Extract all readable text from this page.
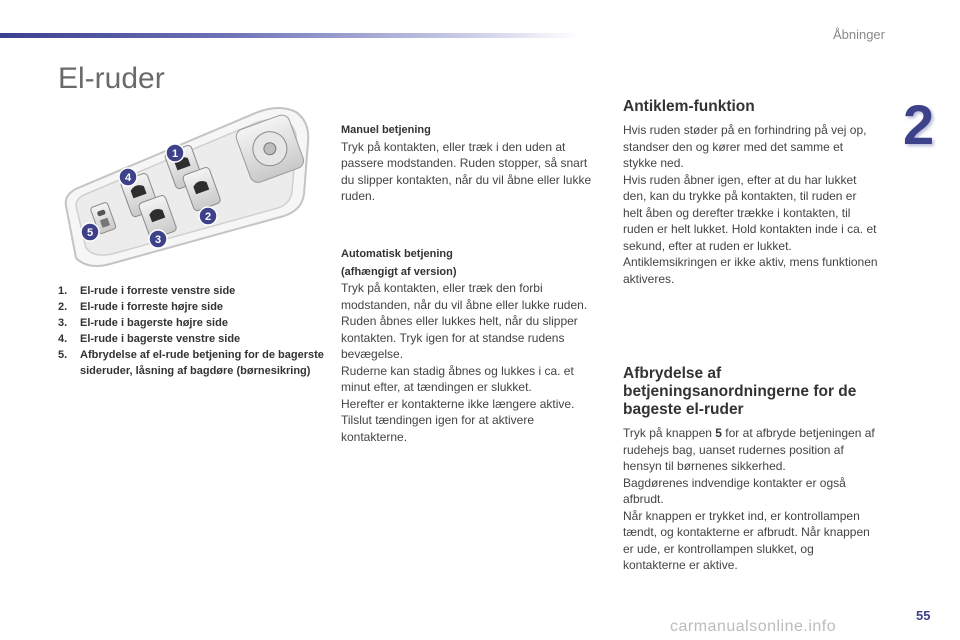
Åbninger
2
El-ruder
1
2
3
4
5
1.	El-rude i forreste venstre side
2.	El-rude i forreste højre side
3.	El-rude i bagerste højre side
4.	El-rude i bagerste venstre side
5.	Afbrydelse af el-rude betjening for de bagerste sideruder, låsning af bagdøre (børnesikring)

Manuel betjening

Tryk på kontakten, eller træk i den uden at passere modstanden. Ruden stopper, så snart du slipper kontakten, når du vil åbne eller lukke ruden.

Automatisk betjening

(afhængigt af version)

Tryk på kontakten, eller træk den forbi modstanden, når du vil åbne eller lukke ruden. Ruden åbnes eller lukkes helt, når du slipper kontakten. Tryk igen for at standse rudens bevægelse.

Ruderne kan stadig åbnes og lukkes i ca. et minut efter, at tændingen er slukket.

Herefter er kontakterne ikke længere aktive. Tilslut tændingen igen for at aktivere kontakterne.

Antiklem-funktion

Hvis ruden støder på en forhindring på vej op, standser den og kører med det samme et stykke ned.

Hvis ruden åbner igen, efter at du har lukket den, kan du trykke på kontakten, til ruden er helt åben og derefter trække i kontakten, til ruden er helt lukket. Hold kontakten inde i ca. et sekund, efter at ruden er lukket. Antiklemsikringen er ikke aktiv, mens funktionen aktiveres.

Afbrydelse af betjeningsanordningerne for de bageste el-ruder

Tryk på knappen 5 for at afbryde betjeningen af rudehejs bag, uanset rudernes position af hensyn til børnenes sikkerhed.

Bagdørenes indvendige kontakter er også afbrudt.

Når knappen er trykket ind, er kontrollampen tændt, og kontakterne er afbrudt. Når knappen er ude, er kontrollampen slukket, og kontakterne er aktive.

55
carmanualsonline.info
